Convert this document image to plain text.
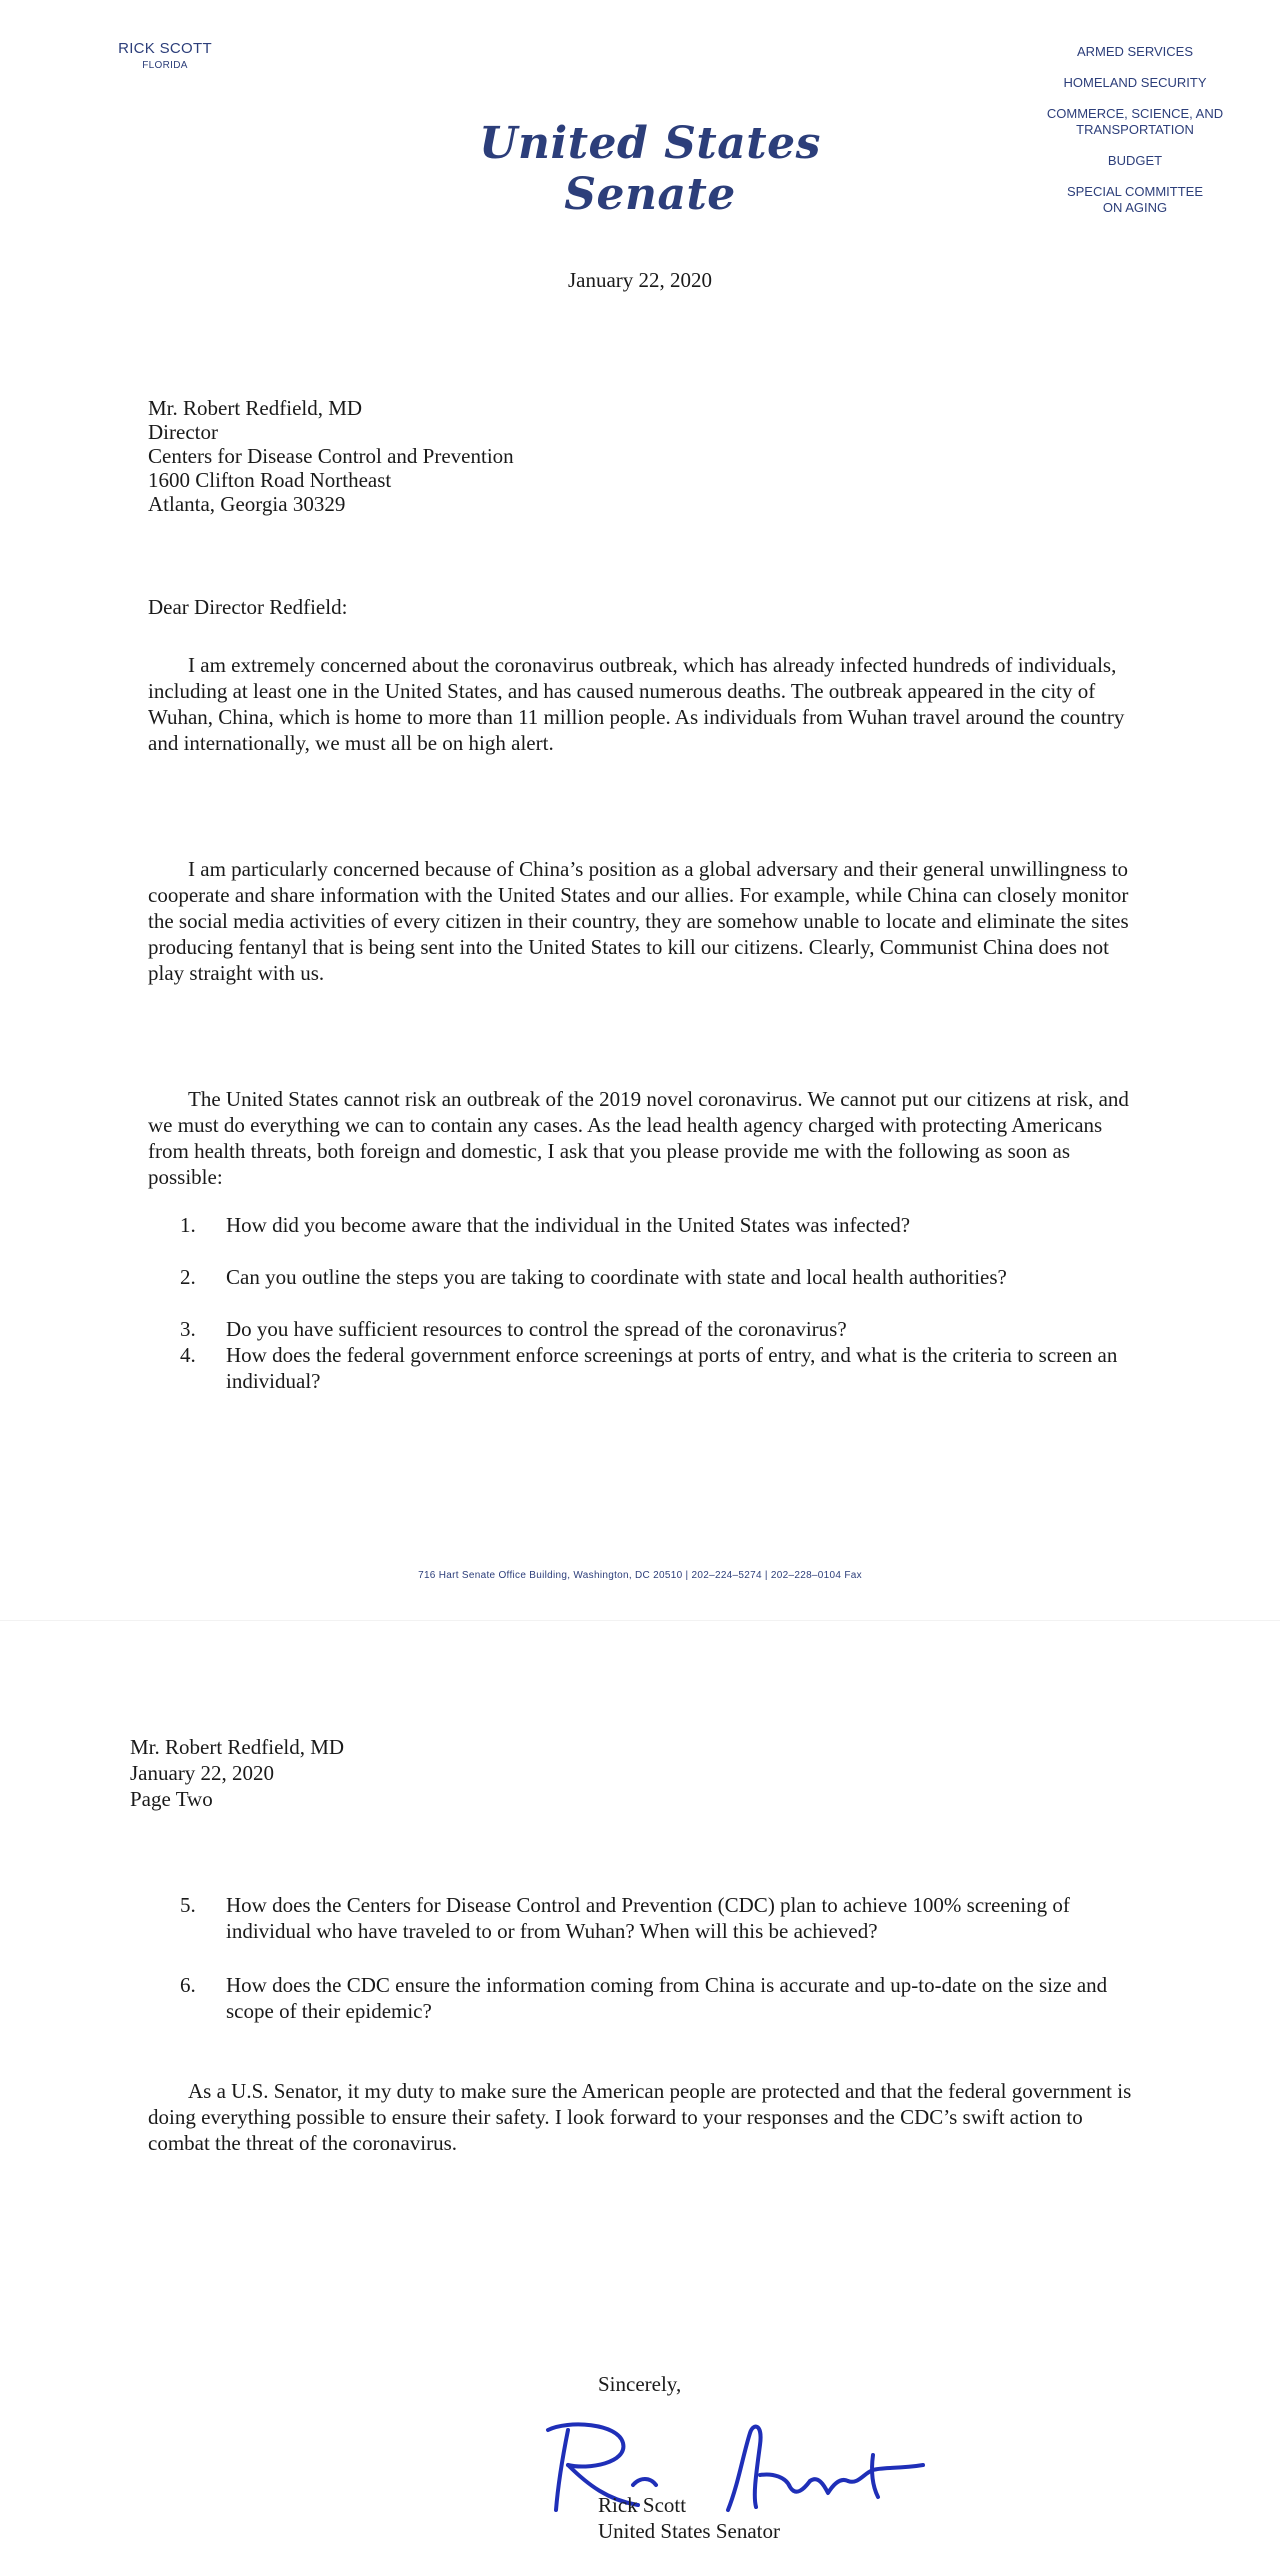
RICK SCOTT
FLORIDA
United States Senate
ARMED SERVICES
HOMELAND SECURITY
COMMERCE, SCIENCE, AND
TRANSPORTATION
BUDGET
SPECIAL COMMITTEE
ON AGING
January 22, 2020
Mr. Robert Redfield, MD
Director
Centers for Disease Control and Prevention
1600 Clifton Road Northeast
Atlanta, Georgia 30329
Dear Director Redfield:
I am extremely concerned about the coronavirus outbreak, which has already infected hundreds of individuals, including at least one in the United States, and has caused numerous deaths. The outbreak appeared in the city of Wuhan, China, which is home to more than 11 million people. As individuals from Wuhan travel around the country and internationally, we must all be on high alert.
I am particularly concerned because of China’s position as a global adversary and their general unwillingness to cooperate and share information with the United States and our allies. For example, while China can closely monitor the social media activities of every citizen in their country, they are somehow unable to locate and eliminate the sites producing fentanyl that is being sent into the United States to kill our citizens. Clearly, Communist China does not play straight with us.
The United States cannot risk an outbreak of the 2019 novel coronavirus. We cannot put our citizens at risk, and we must do everything we can to contain any cases. As the lead health agency charged with protecting Americans from health threats, both foreign and domestic, I ask that you please provide me with the following as soon as possible:
1.	How did you become aware that the individual in the United States was infected?
2.	Can you outline the steps you are taking to coordinate with state and local health authorities?
3.	Do you have sufficient resources to control the spread of the coronavirus?
4.	How does the federal government enforce screenings at ports of entry, and what is the criteria to screen an individual?
716 Hart Senate Office Building, Washington, DC 20510 | 202–224–5274 | 202–228–0104 Fax
Mr. Robert Redfield, MD
January 22, 2020
Page Two
5.	How does the Centers for Disease Control and Prevention (CDC) plan to achieve 100% screening of individual who have traveled to or from Wuhan? When will this be achieved?
6.	How does the CDC ensure the information coming from China is accurate and up-to-date on the size and scope of their epidemic?
As a U.S. Senator, it my duty to make sure the American people are protected and that the federal government is doing everything possible to ensure their safety. I look forward to your responses and the CDC’s swift action to combat the threat of the coronavirus.
Sincerely,
Rick Scott
United States Senator
